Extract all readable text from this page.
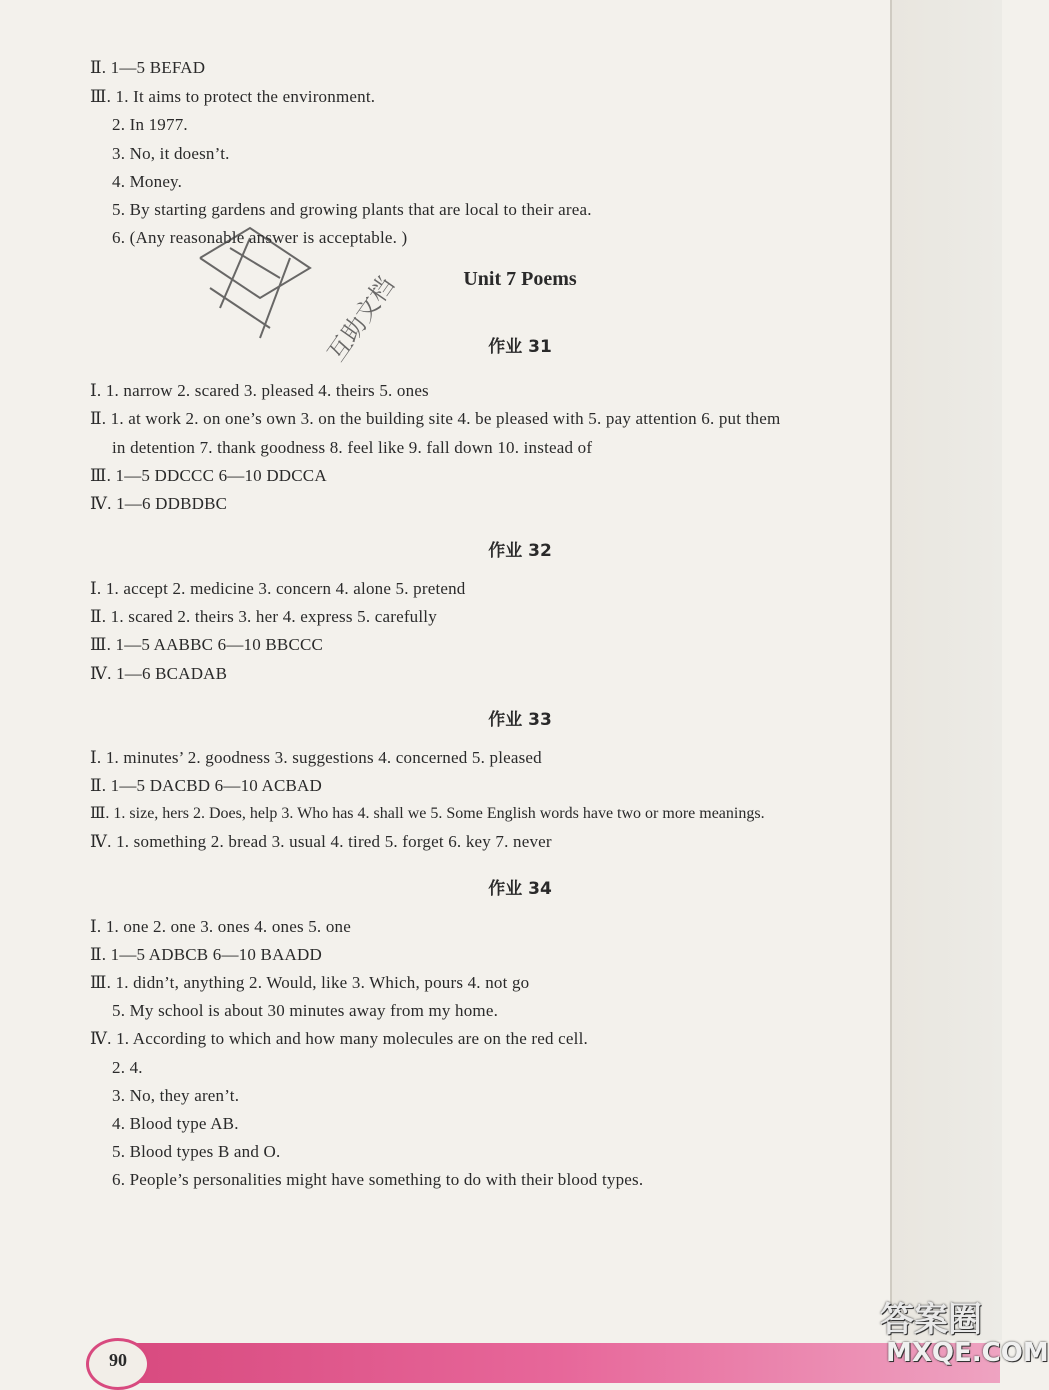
Ⅱ. 1—5 BEFAD
Ⅲ. 1. It aims to protect the environment.
2. In 1977.
3. No, it doesn’t.
4. Money.
5. By starting gardens and growing plants that are local to their area.
6. (Any reasonable answer is acceptable. )
互助文档	Unit 7 Poems
作业 31
Ⅰ. 1. narrow 2. scared 3. pleased 4. theirs 5. ones
Ⅱ. 1. at work 2. on one’s own 3. on the building site 4. be pleased with 5. pay attention 6. put them
in detention 7. thank goodness 8. feel like 9. fall down 10. instead of
Ⅲ. 1—5 DDCCC 6—10 DDCCA
Ⅳ. 1—6 DDBDBC
作业 32
Ⅰ. 1. accept 2. medicine 3. concern 4. alone 5. pretend
Ⅱ. 1. scared 2. theirs 3. her 4. express 5. carefully
Ⅲ. 1—5 AABBC 6—10 BBCCC
Ⅳ. 1—6 BCADAB
作业 33
Ⅰ. 1. minutes’ 2. goodness 3. suggestions 4. concerned 5. pleased
Ⅱ. 1—5 DACBD 6—10 ACBAD
Ⅲ. 1. size, hers 2. Does, help 3. Who has 4. shall we 5. Some English words have two or more meanings.
Ⅳ. 1. something 2. bread 3. usual 4. tired 5. forget 6. key 7. never
作业 34
Ⅰ. 1. one 2. one 3. ones 4. ones 5. one
Ⅱ. 1—5 ADBCB 6—10 BAADD
Ⅲ. 1. didn’t, anything 2. Would, like 3. Which, pours 4. not go
5. My school is about 30 minutes away from my home.
Ⅳ. 1. According to which and how many molecules are on the red cell.
2. 4.
3. No, they aren’t.
4. Blood type AB.
5. Blood types B and O.
6. People’s personalities might have something to do with their blood types.
90
答案圈
MXQE.COM
